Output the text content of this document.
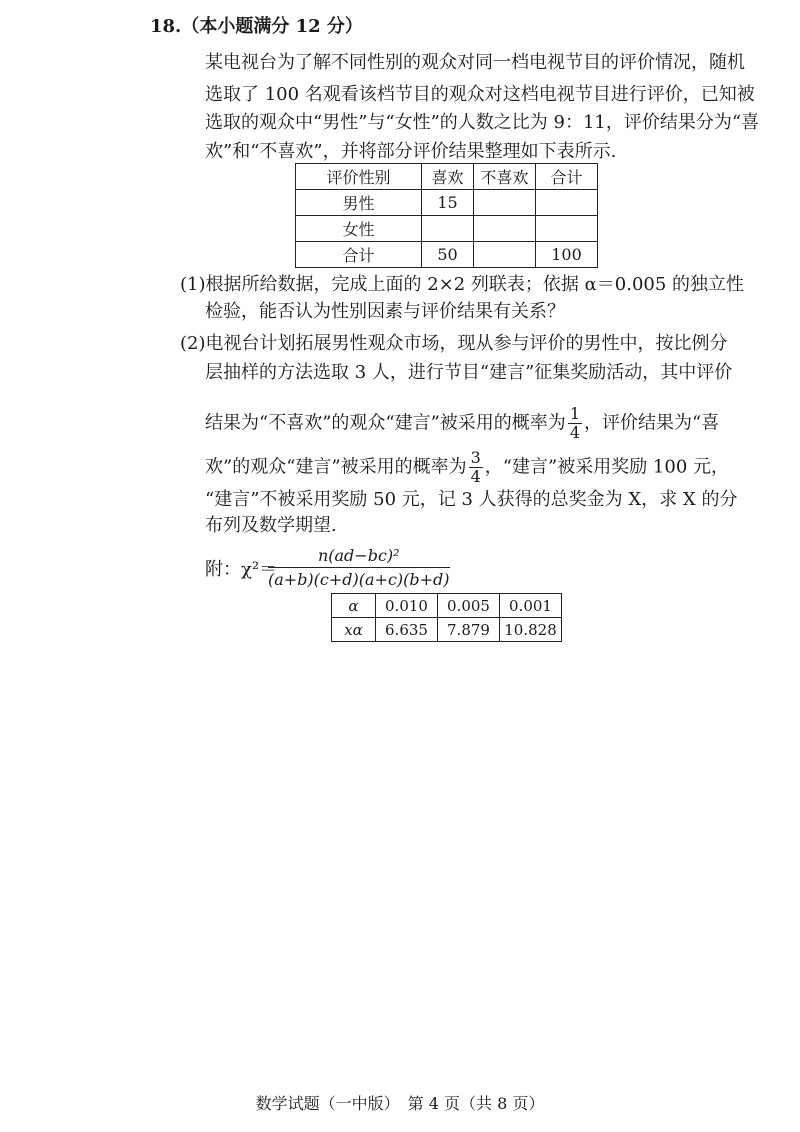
18.（本小题满分 12 分）
某电视台为了解不同性别的观众对同一档电视节目的评价情况，随机
选取了 100 名观看该档节目的观众对这档电视节目进行评价，已知被
选取的观众中“男性”与“女性”的人数之比为 9：11，评价结果分为“喜
欢”和“不喜欢”，并将部分评价结果整理如下表所示.
评价性别	喜欢	不喜欢	合计
男性	15		
女性			
合计	50		100
(1)根据所给数据，完成上面的 2×2 列联表；依据 α＝0.005 的独立性
检验，能否认为性别因素与评价结果有关系？
(2)电视台计划拓展男性观众市场，现从参与评价的男性中，按比例分
层抽样的方法选取 3 人，进行节目“建言”征集奖励活动，其中评价
结果为“不喜欢”的观众“建言”被采用的概率为 $\frac{1}{4}$ ，评价结果为“喜
欢”的观众“建言”被采用的概率为 $\frac{3}{4}$ ，“建言”被采用奖励 100 元，
“建言”不被采用奖励 50 元，记 3 人获得的总奖金为 X，求 X 的分
布列及数学期望.
附：χ²＝
$\frac{\text{n(ad−bc)²}}{(a+b)(c+d)(a+c)(b+d)}$
α	0.010	0.005	0.001
xα	6.635	7.879	10.828
数学试题（一中版）　第 4 页（共 8 页）
